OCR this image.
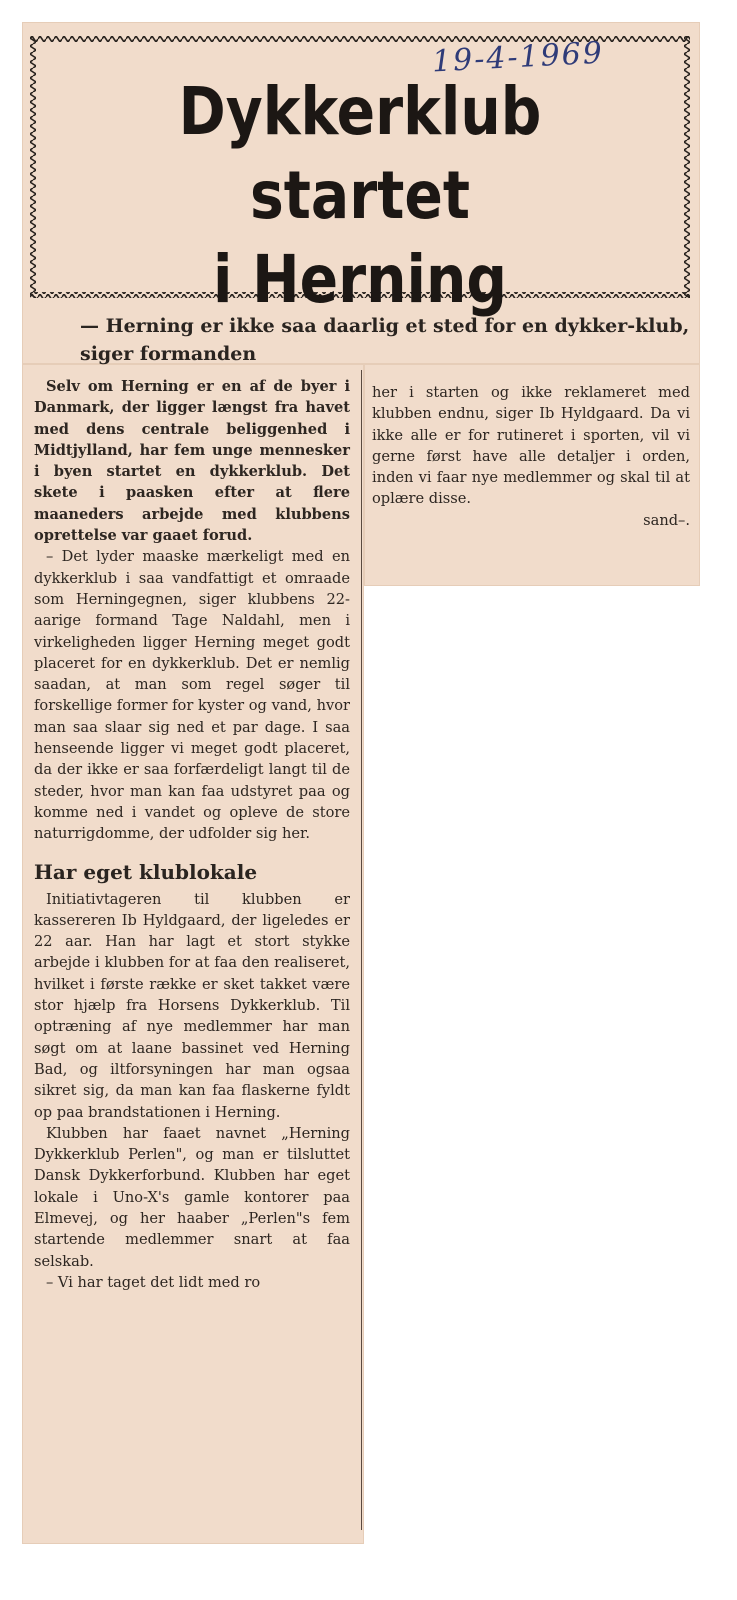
19-4-1969
Dykkerklub startet
i Herning
— Herning er ikke saa daarlig et sted for en dykker-klub, siger formanden

Selv om Herning er en af de byer i Danmark, der ligger længst fra havet med dens centrale beliggenhed i Midtjylland, har fem unge mennesker i byen startet en dykkerklub. Det skete i paasken efter at flere maaneders arbejde med klubbens oprettelse var gaaet forud.

– Det lyder maaske mærkeligt med en dykkerklub i saa vandfattigt et omraade som Herningegnen, siger klubbens 22-aarige formand Tage Naldahl, men i virkeligheden ligger Herning meget godt placeret for en dykkerklub. Det er nemlig saadan, at man som regel søger til forskellige former for kyster og vand, hvor man saa slaar sig ned et par dage. I saa henseende ligger vi meget godt placeret, da der ikke er saa forfærdeligt langt til de steder, hvor man kan faa udstyret paa og komme ned i vandet og opleve de store naturrigdomme, der udfolder sig her.

Har eget klublokale

Initiativtageren til klubben er kassereren Ib Hyldgaard, der ligeledes er 22 aar. Han har lagt et stort stykke arbejde i klubben for at faa den realiseret, hvilket i første række er sket takket være stor hjælp fra Horsens Dykkerklub. Til optræning af nye medlemmer har man søgt om at laane bassinet ved Herning Bad, og iltforsyningen har man ogsaa sikret sig, da man kan faa flaskerne fyldt op paa brandstationen i Herning.

Klubben har faaet navnet „Herning Dykkerklub Perlen", og man er tilsluttet Dansk Dykkerforbund. Klubben har eget lokale i Uno-X's gamle kontorer paa Elmevej, og her haaber „Perlen"s fem startende medlemmer snart at faa selskab.

– Vi har taget det lidt med ro

her i starten og ikke reklameret med klubben endnu, siger Ib Hyldgaard. Da vi ikke alle er for rutineret i sporten, vil vi gerne først have alle detaljer i orden, inden vi faar nye medlemmer og skal til at oplære disse.

sand–.
